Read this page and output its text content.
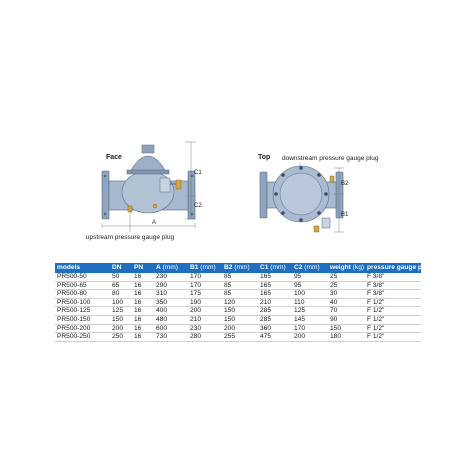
Face
A
C1
C2
upstream pressure gauge plug
Top downstream pressure gauge plug
B2
B1
models	DN	PN	A (mm)	B1 (mm)	B2 (mm)	C1 (mm)	C2 (mm)	weight (kg)	pressure gauge plug
PR500-50	50	16	230	170	85	165	95	25	F 3/8"
PR500-65	65	16	290	170	85	165	95	25	F 3/8"
PR500-80	80	16	310	175	85	165	100	30	F 3/8"
PR500-100	100	16	350	190	120	210	110	40	F 1/2"
PR500-125	125	16	400	200	150	285	125	70	F 1/2"
PR500-150	150	16	480	210	150	285	145	90	F 1/2"
PR500-200	200	16	600	230	200	360	170	150	F 1/2"
PR500-250	250	16	730	280	255	475	200	180	F 1/2"
